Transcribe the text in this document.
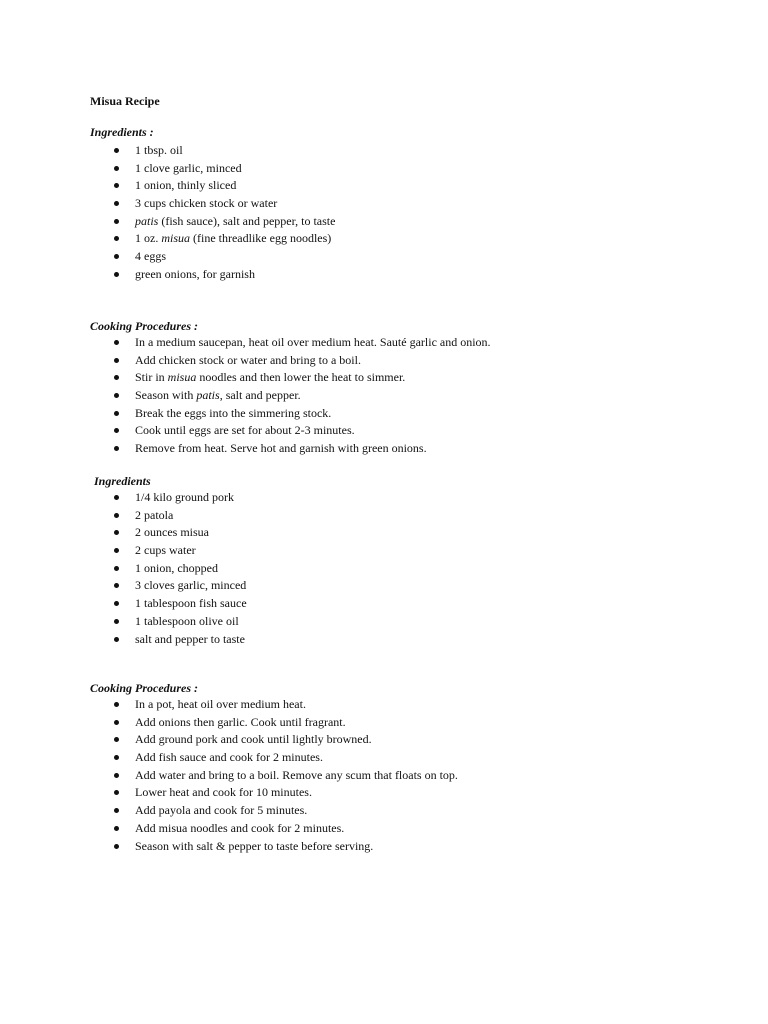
Misua Recipe

Ingredients :

1 tbsp. oil
1 clove garlic, minced
1 onion, thinly sliced
3 cups chicken stock or water
patis (fish sauce), salt and pepper, to taste
1 oz. misua (fine threadlike egg noodles)
4 eggs
green onions, for garnish

Cooking Procedures :

In a medium saucepan, heat oil over medium heat. Sauté garlic and onion.
Add chicken stock or water and bring to a boil.
Stir in misua noodles and then lower the heat to simmer.
Season with patis, salt and pepper.
Break the eggs into the simmering stock.
Cook until eggs are set for about 2-3 minutes.
Remove from heat. Serve hot and garnish with green onions.

Ingredients

1/4 kilo ground pork
2 patola
2 ounces misua
2 cups water
1 onion, chopped
3 cloves garlic, minced
1 tablespoon fish sauce
1 tablespoon olive oil
salt and pepper to taste

Cooking Procedures :

In a pot, heat oil over medium heat.
Add onions then garlic. Cook until fragrant.
Add ground pork and cook until lightly browned.
Add fish sauce and cook for 2 minutes.
Add water and bring to a boil. Remove any scum that floats on top.
Lower heat and cook for 10 minutes.
Add payola and cook for 5 minutes.
Add misua noodles and cook for 2 minutes.
Season with salt & pepper to taste before serving.
